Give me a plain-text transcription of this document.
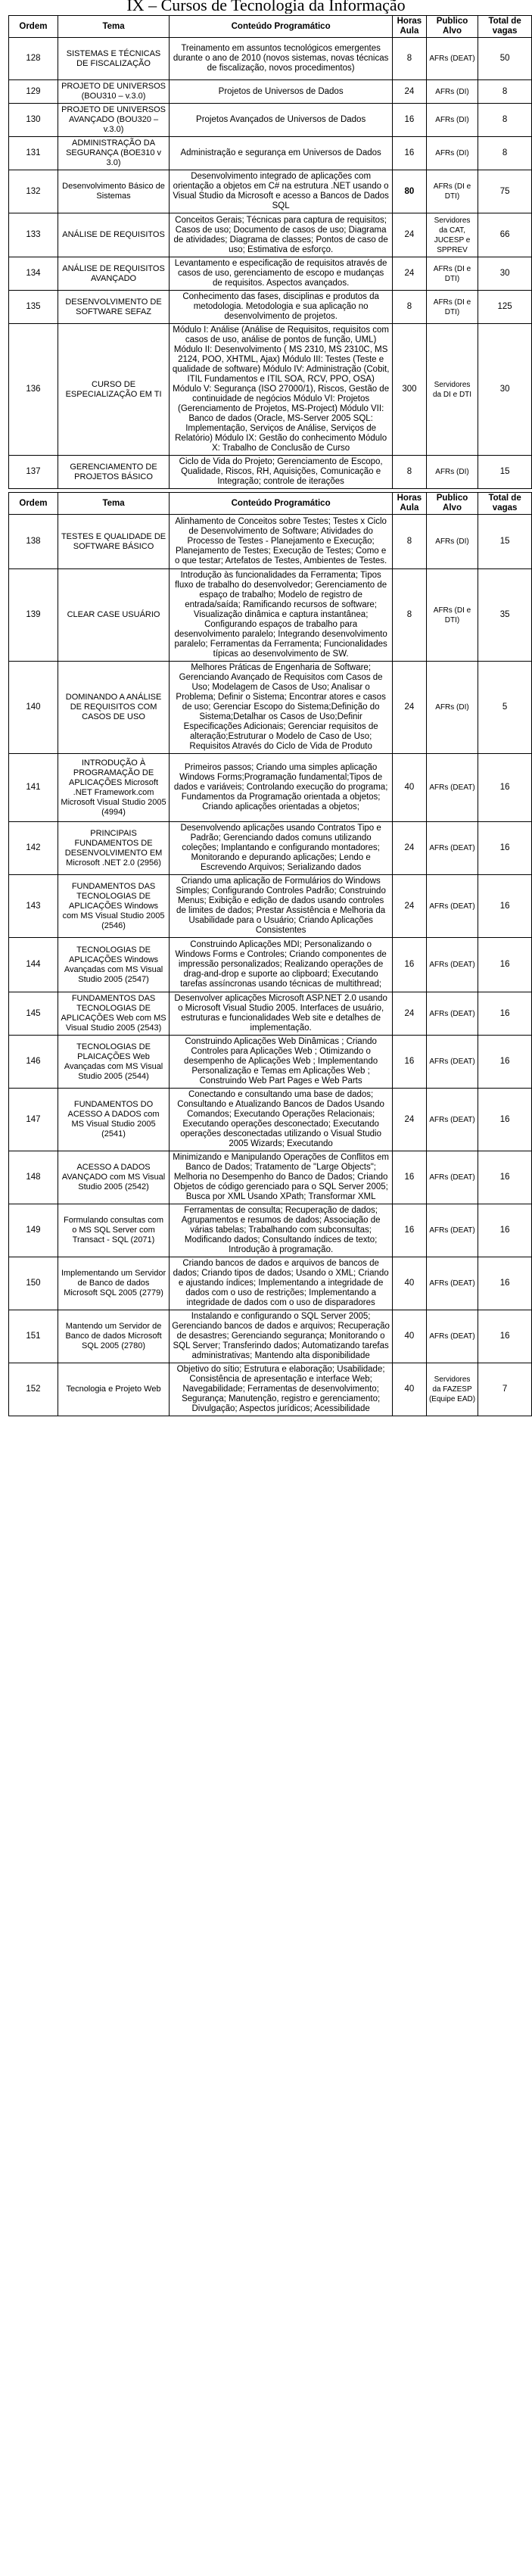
IX – Cursos de Tecnologia da Informação
Ordem	Tema	Conteúdo Programático	Horas Aula	Publico Alvo	Total de vagas
128	SISTEMAS E TÉCNICAS DE FISCALIZAÇÃO	Treinamento em assuntos tecnológicos emergentes durante o ano de 2010 (novos sistemas, novas técnicas de fiscalização, novos procedimentos)	8	AFRs (DEAT)	50
129	PROJETO DE UNIVERSOS (BOU310 – v.3.0)	Projetos de Universos de Dados	24	AFRs (DI)	8
130	PROJETO DE UNIVERSOS AVANÇADO (BOU320 – v.3.0)	Projetos Avançados de Universos de Dados	16	AFRs (DI)	8
131	ADMINISTRAÇÃO DA SEGURANÇA (BOE310 v 3.0)	Administração e segurança em Universos de Dados	16	AFRs (DI)	8
132	Desenvolvimento Básico de Sistemas	Desenvolvimento integrado de aplicações com orientação a objetos em C# na estrutura .NET usando o Visual Studio da Microsoft e acesso a Bancos de Dados SQL	80	AFRs (DI e DTI)	75
133	ANÁLISE DE REQUISITOS	Conceitos Gerais; Técnicas para captura de requisitos; Casos de uso; Documento de casos de uso; Diagrama de atividades; Diagrama de classes; Pontos de caso de uso; Estimativa de esforço.	24	Servidores da CAT, JUCESP e SPPREV	66
134	ANÁLISE DE REQUISITOS AVANÇADO	Levantamento e especificação de requisitos através de casos de uso, gerenciamento de escopo e mudanças de requisitos. Aspectos avançados.	24	AFRs (DI e DTI)	30
135	DESENVOLVIMENTO DE SOFTWARE SEFAZ	Conhecimento das fases, disciplinas e produtos da metodologia. Metodologia e sua aplicação no desenvolvimento de projetos.	8	AFRs (DI e DTI)	125
136	CURSO DE ESPECIALIZAÇÃO EM TI	Módulo I: Análise (Análise de Requisitos, requisitos com casos de uso, análise de pontos de função, UML) Módulo II: Desenvolvimento ( MS 2310, MS 2310C, MS 2124, POO, XHTML, Ajax) Módulo III: Testes (Teste e qualidade de software) Módulo IV: Administração (Cobit, ITIL Fundamentos e ITIL SOA, RCV, PPO, OSA) Módulo V: Segurança (ISO 27000/1), Riscos, Gestão de continuidade de negócios Módulo VI: Projetos (Gerenciamento de Projetos, MS-Project) Módulo VII: Banco de dados (Oracle, MS-Server 2005 SQL: Implementação, Serviços de Análise, Serviços de Relatório) Módulo IX: Gestão do conhecimento Módulo X: Trabalho de Conclusão de Curso	300	Servidores da DI e DTI	30
137	GERENCIAMENTO DE PROJETOS BÁSICO	Ciclo de Vida do Projeto; Gerenciamento de Escopo, Qualidade, Riscos, RH, Aquisições, Comunicação e Integração; controle de iterações	8	AFRs (DI)	15
Ordem	Tema	Conteúdo Programático	Horas Aula	Publico Alvo	Total de vagas
138	TESTES E QUALIDADE DE SOFTWARE BÁSICO	Alinhamento de Conceitos sobre Testes; Testes x Ciclo de Desenvolvimento de Software; Atividades do Processo de Testes - Planejamento e Execução; Planejamento de Testes; Execução de Testes; Como e o que testar; Artefatos de Testes, Ambientes de Testes.	8	AFRs (DI)	15
139	CLEAR CASE USUÁRIO	Introdução às funcionalidades da Ferramenta; Tipos fluxo de trabalho do desenvolvedor; Gerenciamento de espaço de trabalho; Modelo de registro de entrada/saída; Ramificando recursos de software; Visualização dinâmica e captura instantânea; Configurando espaços de trabalho para desenvolvimento paralelo; Integrando desenvolvimento paralelo; Ferramentas da Ferramenta; Funcionalidades típicas ao desenvolvimento de SW.	8	AFRs (DI e DTI)	35
140	DOMINANDO A ANÁLISE DE REQUISITOS COM CASOS DE USO	Melhores Práticas de Engenharia de Software; Gerenciando Avançado de Requisitos com Casos de Uso; Modelagem de Casos de Uso; Analisar o Problema; Definir o Sistema; Encontrar atores e casos de uso; Gerenciar Escopo do Sistema;Definição do Sistema;Detalhar os Casos de Uso;Definir Especificações Adicionais; Gerenciar requisitos de alteração;Estruturar o Modelo de Caso de Uso; Requisitos Através do Ciclo de Vida de Produto	24	AFRs (DI)	5
141	INTRODUÇÃO À PROGRAMAÇÃO DE APLICAÇÕES Microsoft .NET Framework.com Microsoft Visual Studio 2005 (4994)	Primeiros passos; Criando uma simples aplicação Windows Forms;Programação fundamental;Tipos de dados e variáveis; Controlando execução do programa; Fundamentos da Programação orientada a objetos; Criando aplicações orientadas a objetos;	40	AFRs (DEAT)	16
142	PRINCIPAIS FUNDAMENTOS DE DESENVOLVIMENTO EM Microsoft .NET 2.0 (2956)	Desenvolvendo aplicações usando Contratos Tipo e Padrão; Gerenciando dados comuns utilizando coleções; Implantando e configurando montadores; Monitorando e depurando aplicações; Lendo e Escrevendo Arquivos; Serializando dados	24	AFRs (DEAT)	16
143	FUNDAMENTOS DAS TECNOLOGIAS DE APLICAÇÕES Windows com MS Visual Studio 2005 (2546)	Criando uma aplicação de Formulários do Windows Simples; Configurando Controles Padrão; Construindo Menus; Exibição e edição de dados usando controles de limites de dados; Prestar Assistência e Melhoria da Usabilidade para o Usuário; Criando Aplicações Consistentes	24	AFRs (DEAT)	16
144	TECNOLOGIAS DE APLICAÇÕES Windows Avançadas com MS Visual Studio 2005 (2547)	Construindo Aplicações MDI; Personalizando o Windows Forms e Controles; Criando componentes de impressão personalizados; Realizando operações de drag-and-drop e suporte ao clipboard; Executando tarefas assíncronas usando técnicas de multithread;	16	AFRs (DEAT)	16
145	FUNDAMENTOS DAS TECNOLOGIAS DE APLICAÇÕES Web com MS Visual Studio 2005 (2543)	Desenvolver aplicações Microsoft ASP.NET 2.0 usando o Microsoft Visual Studio 2005. Interfaces de usuário, estruturas e funcionalidades Web site e detalhes de implementação.	24	AFRs (DEAT)	16
146	TECNOLOGIAS DE PLAICAÇÕES Web Avançadas com MS Visual Studio 2005 (2544)	Construindo Aplicações Web Dinâmicas ; Criando Controles para Aplicações Web ; Otimizando o desempenho de Aplicações Web ; Implementando Personalização e Temas em Aplicações Web ; Construindo Web Part Pages e Web Parts	16	AFRs (DEAT)	16
147	FUNDAMENTOS DO ACESSO A DADOS com MS Visual Studio 2005 (2541)	Conectando e consultando uma base de dados; Consultando e Atualizando Bancos de Dados Usando Comandos; Executando Operações Relacionais; Executando operações desconectado; Executando operações desconectadas utilizando o Visual Studio 2005 Wizards; Executando	24	AFRs (DEAT)	16
148	ACESSO A DADOS AVANÇADO com MS Visual Studio 2005 (2542)	Minimizando e Manipulando Operações de Conflitos em Banco de Dados; Tratamento de "Large Objects"; Melhoria no Desempenho do Banco de Dados; Criando Objetos de código gerenciado para o SQL Server 2005; Busca por XML Usando XPath; Transformar XML	16	AFRs (DEAT)	16
149	Formulando consultas com o MS SQL Server com Transact - SQL (2071)	Ferramentas de consulta; Recuperação de dados; Agrupamentos e resumos de dados; Associação de várias tabelas; Trabalhando com subconsultas; Modificando dados; Consultando índices de texto; Introdução à programação.	16	AFRs (DEAT)	16
150	Implementando um Servidor de Banco de dados Microsoft SQL 2005 (2779)	Criando bancos de dados e arquivos de bancos de dados; Criando tipos de dados; Usando o XML; Criando e ajustando índices; Implementando a integridade de dados com o uso de restrições; Implementando a integridade de dados com o uso de disparadores	40	AFRs (DEAT)	16
151	Mantendo um Servidor de Banco de dados Microsoft SQL 2005 (2780)	Instalando e configurando o SQL Server 2005; Gerenciando bancos de dados e arquivos; Recuperação de desastres; Gerenciando segurança; Monitorando o SQL Server; Transferindo dados; Automatizando tarefas administrativas; Mantendo alta disponibilidade	40	AFRs (DEAT)	16
152	Tecnologia e Projeto Web	Objetivo do sítio; Estrutura e elaboração; Usabilidade; Consistência de apresentação e interface Web; Navegabilidade; Ferramentas de desenvolvimento; Segurança; Manutenção, registro e gerenciamento; Divulgação; Aspectos jurídicos; Acessibilidade	40	Servidores da FAZESP (Equipe EAD)	7
